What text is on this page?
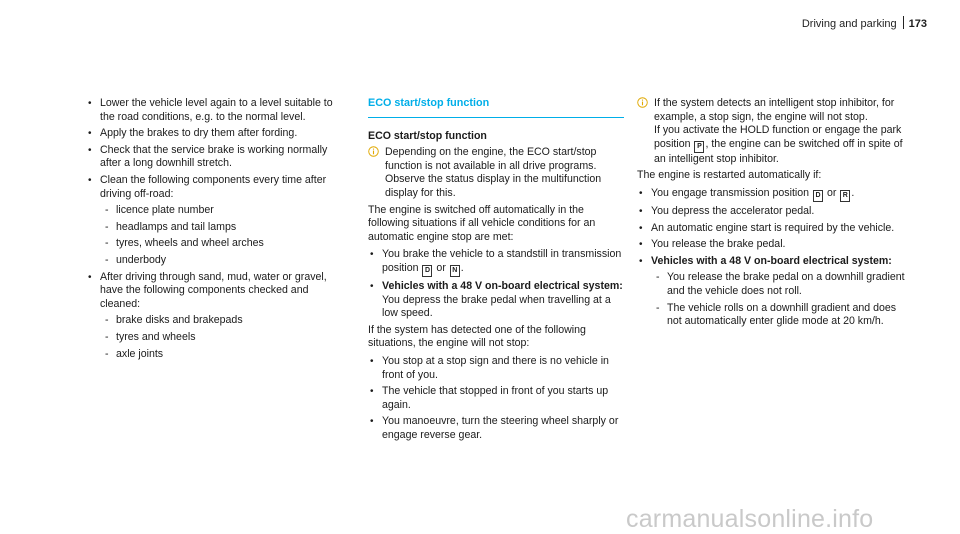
Driving and parking 173
• Lower the vehicle level again to a level suitable to the road conditions, e.g. to the normal level.
• Apply the brakes to dry them after fording.
• Check that the service brake is working normally after a long downhill stretch.
• Clean the following components every time after driving off-road:
- licence plate number
- headlamps and tail lamps
- tyres, wheels and wheel arches
- underbody
• After driving through sand, mud, water or gravel, have the following components checked and cleaned:
- brake disks and brakepads
- tyres and wheels
- axle joints
ECO start/stop function
ECO start/stop function
Depending on the engine, the ECO start/stop function is not available in all drive programs. Observe the status display in the multifunction display for this.

The engine is switched off automatically in the following situations if all vehicle conditions for an automatic engine stop are met:

• You brake the vehicle to a standstill in transmission position D or N .
• Vehicles with a 48 V on-board electrical system: You depress the brake pedal when travelling at a low speed.

If the system has detected one of the following situations, the engine will not stop:

• You stop at a stop sign and there is no vehicle in front of you.
• The vehicle that stopped in front of you starts up again.
• You manoeuvre, turn the steering wheel sharply or engage reverse gear.
If the system detects an intelligent stop inhibitor, for example, a stop sign, the engine will not stop.
If you activate the HOLD function or engage the park position P , the engine can be switched off in spite of an intelligent stop inhibitor.

The engine is restarted automatically if:

• You engage transmission position D or R .
• You depress the accelerator pedal.
• An automatic engine start is required by the vehicle.
• You release the brake pedal.
• Vehicles with a 48 V on-board electrical system:
- You release the brake pedal on a downhill gradient and the vehicle does not roll.
- The vehicle rolls on a downhill gradient and does not automatically enter glide mode at 20 km/h.
carmanualsonline.info
